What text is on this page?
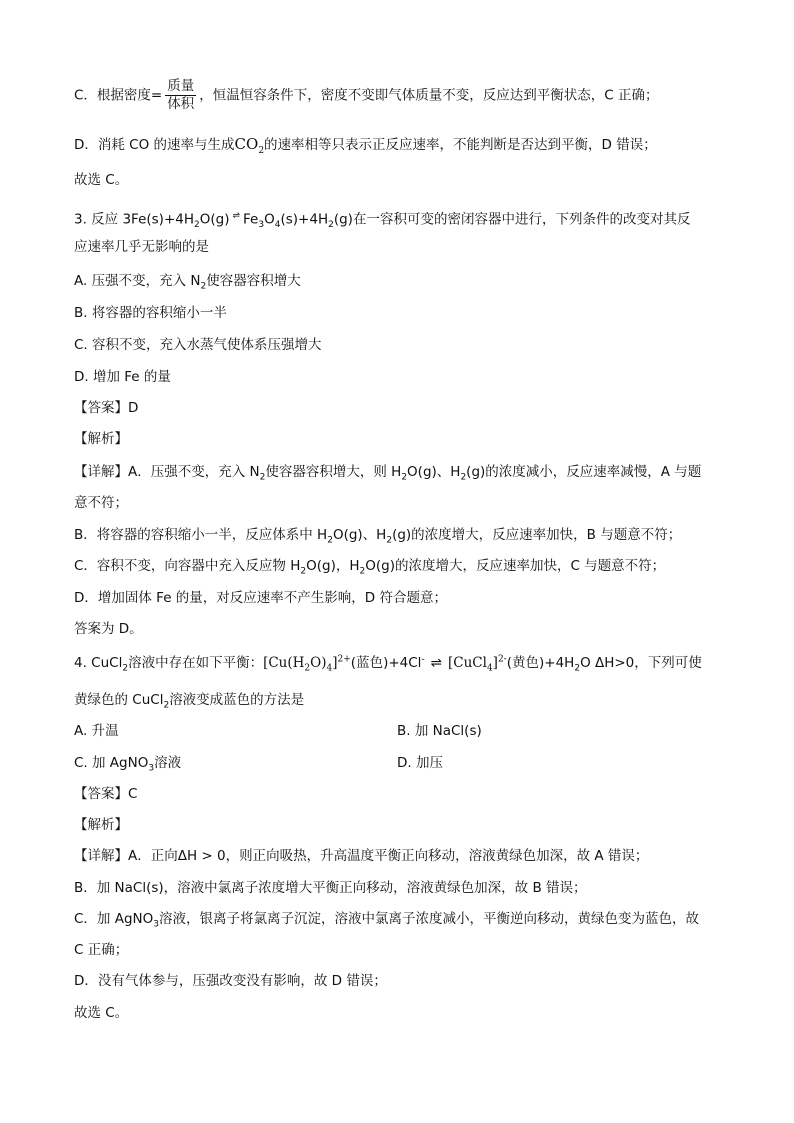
C．根据密度= $\frac{\text{质量}}{\text{体积}}$ ，恒温恒容条件下，密度不变即气体质量不变，反应达到平衡状态，C 正确；
D．消耗 CO 的速率与生成$CO_2$的速率相等只表示正反应速率，不能判断是否达到平衡，D 错误；
故选 C。
3. 反应 $3Fe(s)+4H_2O(g)$ ⇌ $Fe_3O_4(s)+4H_2(g)$在一容积可变的密闭容器中进行，下列条件的改变对其反
应速率几乎无影响的是
A. 压强不变，充入 $N_2$使容器容积增大
B. 将容器的容积缩小一半
C. 容积不变，充入水蒸气使体系压强增大
D. 增加 Fe 的量
【答案】D
【解析】
【详解】A．压强不变，充入 $N_2$使容器容积增大，则 $H_2O(g)$、$H_2(g)$的浓度减小，反应速率减慢，A 与题
意不符；
B．将容器的容积缩小一半，反应体系中 $H_2O(g)$、$H_2(g)$的浓度增大，反应速率加快，B 与题意不符；
C．容积不变，向容器中充入反应物 $H_2O(g)$，$H_2O(g)$的浓度增大，反应速率加快，C 与题意不符；
D．增加固体 Fe 的量，对反应速率不产生影响，D 符合题意；
答案为 D。
4. CuCl$_2$溶液中存在如下平衡：$[Cu(H_2O)_4]^{2+}$(蓝色)+4Cl- ⇌ [CuCl$_4$]$^{2-}$(黄色)$+4H_2O$ ΔH>0，下列可使
黄绿色的 CuCl$_2$溶液变成蓝色的方法是
A. 升温	B. 加 NaCl(s)
C. 加 AgNO$_3$溶液	D. 加压
【答案】C
【解析】
【详解】A．正向ΔH > 0，则正向吸热，升高温度平衡正向移动，溶液黄绿色加深，故 A 错误；
B．加 NaCl(s)，溶液中氯离子浓度增大平衡正向移动，溶液黄绿色加深，故 B 错误；
C．加 AgNO$_3$溶液，银离子将氯离子沉淀，溶液中氯离子浓度减小，平衡逆向移动，黄绿色变为蓝色，故
C 正确；
D．没有气体参与，压强改变没有影响，故 D 错误；
故选 C。
